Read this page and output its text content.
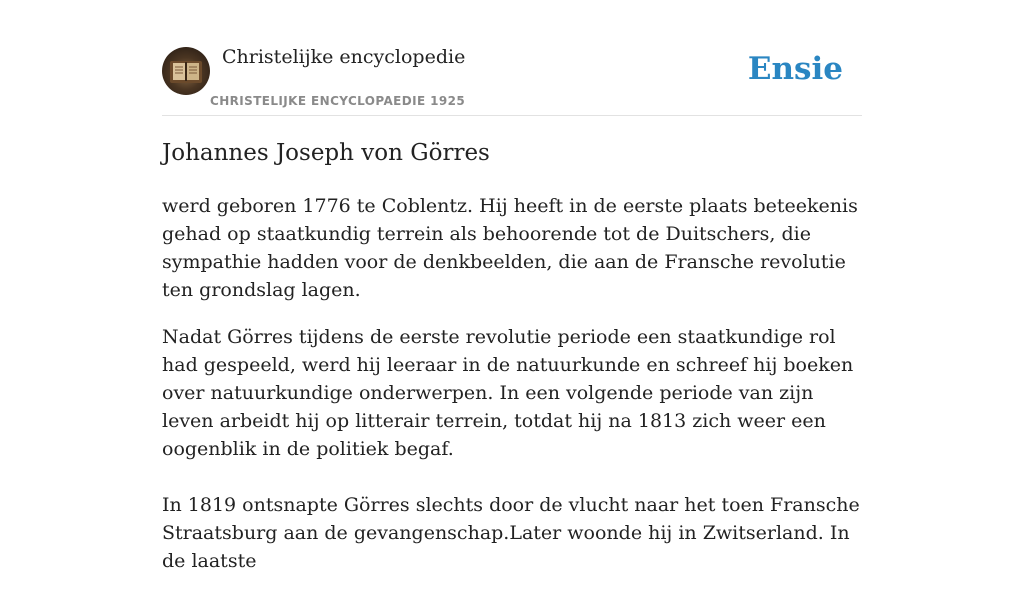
Christelijke encyclopedie
CHRISTELIJKE ENCYCLOPAEDIE 1925
Ensie
Johannes Joseph von Görres

werd geboren 1776 te Coblentz. Hij heeft in de eerste plaats beteekenis gehad op staatkundig terrein als behoorende tot de Duitschers, die sympathie hadden voor de denkbeelden, die aan de Fransche revolutie ten grondslag lagen.

Nadat Görres tijdens de eerste revolutie periode een staatkundige rol had gespeeld, werd hij leeraar in de natuurkunde en schreef hij boeken over natuurkundige onderwerpen. In een volgende periode van zijn leven arbeidt hij op litterair terrein, totdat hij na 1813 zich weer een oogenblik in de politiek begaf.

In 1819 ontsnapte Görres slechts door de vlucht naar het toen Fransche Straatsburg aan de gevangenschap.Later woonde hij in Zwitserland. In de laatste
